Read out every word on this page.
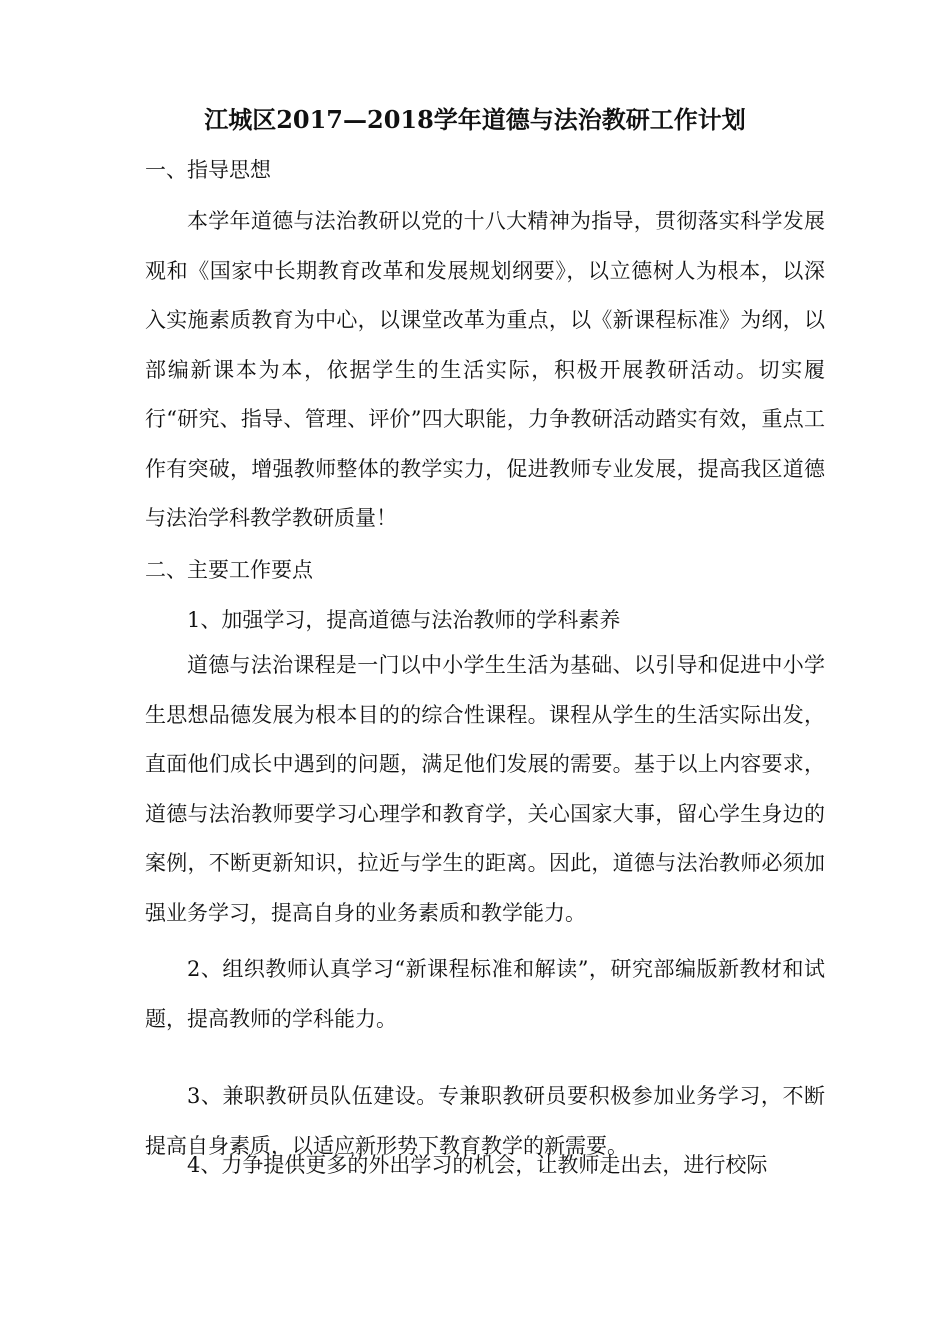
江城区2017—2018学年道德与法治教研工作计划
一、指导思想
本学年道德与法治教研以党的十八大精神为指导，贯彻落实科学发展观和《国家中长期教育改革和发展规划纲要》，以立德树人为根本，以深入实施素质教育为中心，以课堂改革为重点，以《新课程标准》为纲，以部编新课本为本，依据学生的生活实际，积极开展教研活动。切实履行“研究、指导、管理、评价”四大职能，力争教研活动踏实有效，重点工作有突破，增强教师整体的教学实力，促进教师专业发展，提高我区道德与法治学科教学教研质量！
二、主要工作要点
1、加强学习，提高道德与法治教师的学科素养
道德与法治课程是一门以中小学生生活为基础、以引导和促进中小学生思想品德发展为根本目的的综合性课程。课程从学生的生活实际出发，直面他们成长中遇到的问题，满足他们发展的需要。基于以上内容要求，道德与法治教师要学习心理学和教育学，关心国家大事，留心学生身边的案例，不断更新知识，拉近与学生的距离。因此，道德与法治教师必须加强业务学习，提高自身的业务素质和教学能力。
2、组织教师认真学习“新课程标准和解读”，研究部编版新教材和试题，提高教师的学科能力。
3、兼职教研员队伍建设。专兼职教研员要积极参加业务学习，不断提高自身素质，以适应新形势下教育教学的新需要。
4、力争提供更多的外出学习的机会，让教师走出去，进行校际
